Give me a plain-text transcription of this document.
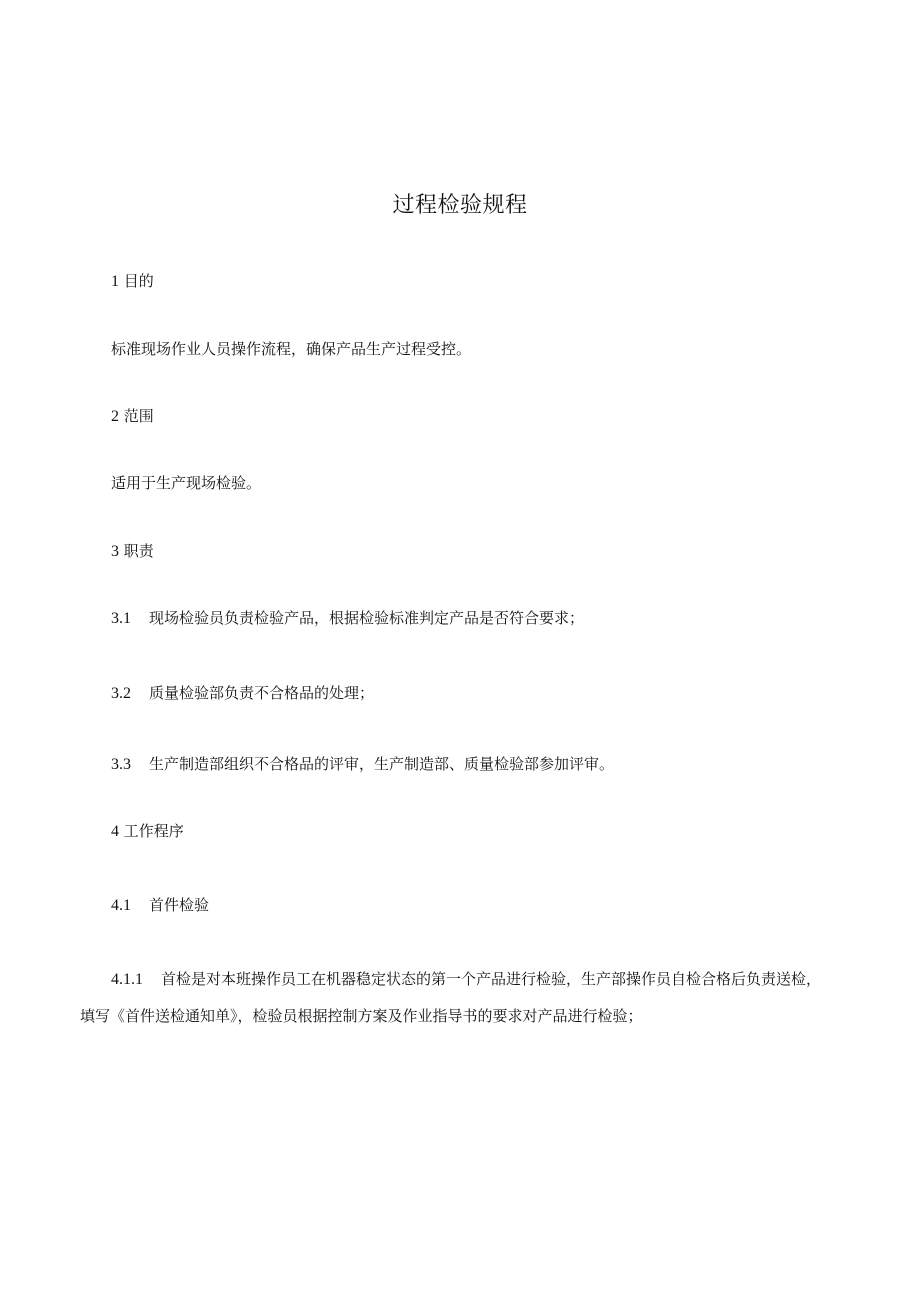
过程检验规程
1 目的
标准现场作业人员操作流程，确保产品生产过程受控。
2 范围
适用于生产现场检验。
3 职责
3.1 现场检验员负责检验产品，根据检验标准判定产品是否符合要求；
3.2 质量检验部负责不合格品的处理；
3.3 生产制造部组织不合格品的评审，生产制造部、质量检验部参加评审。
4 工作程序
4.1 首件检验
4.1.1 首检是对本班操作员工在机器稳定状态的第一个产品进行检验，生产部操作员自检合格后负责送检，
填写《首件送检通知单》，检验员根据控制方案及作业指导书的要求对产品进行检验；
